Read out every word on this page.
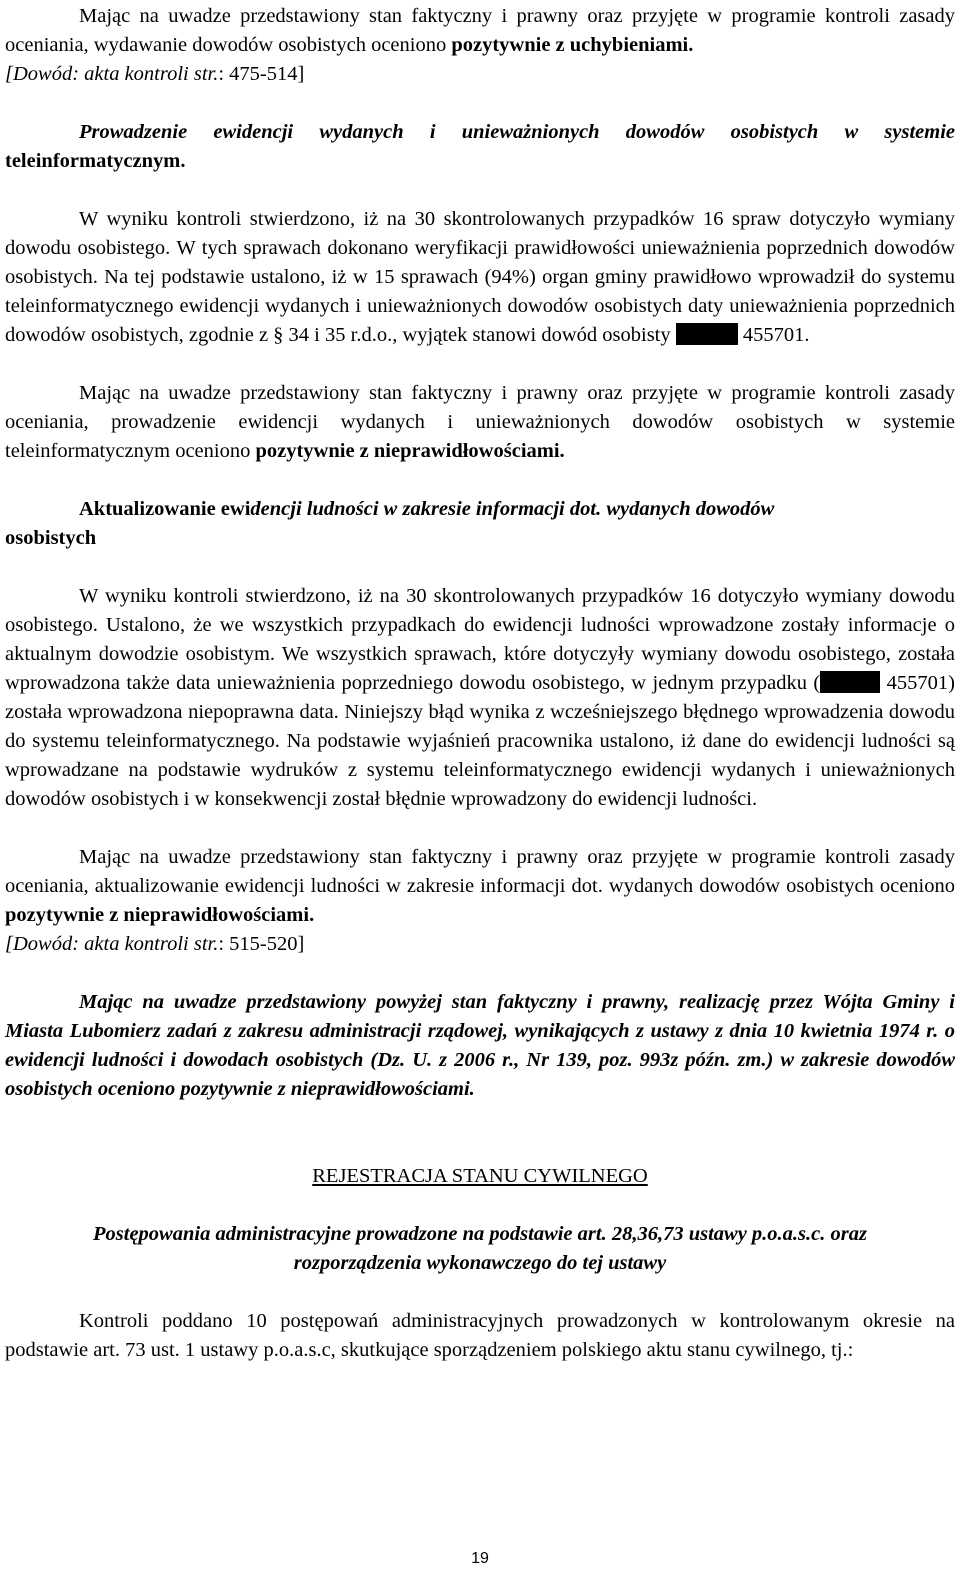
Mając na uwadze przedstawiony stan faktyczny i prawny oraz przyjęte w programie kontroli zasady oceniania, wydawanie dowodów osobistych oceniono pozytywnie z uchybieniami.
[Dowód: akta kontroli str.: 475-514]

Prowadzenie ewidencji wydanych i unieważnionych dowodów osobistych w systemie teleinformatycznym.

W wyniku kontroli stwierdzono, iż na 30 skontrolowanych przypadków 16 spraw dotyczyło wymiany dowodu osobistego. W tych sprawach dokonano weryfikacji prawidłowości unieważnienia poprzednich dowodów osobistych. Na tej podstawie ustalono, iż w 15 sprawach (94%) organ gminy prawidłowo wprowadził do systemu teleinformatycznego ewidencji wydanych i unieważnionych dowodów osobistych daty unieważnienia poprzednich dowodów osobistych, zgodnie z § 34 i 35 r.d.o., wyjątek stanowi dowód osobisty	455701.

Mając na uwadze przedstawiony stan faktyczny i prawny oraz przyjęte w programie kontroli zasady oceniania, prowadzenie ewidencji wydanych i unieważnionych dowodów osobistych w systemie teleinformatycznym oceniono pozytywnie z nieprawidłowościami.

Aktualizowanie ewidencji ludności w zakresie informacji dot. wydanych dowodów
osobistych

W wyniku kontroli stwierdzono, iż na 30 skontrolowanych przypadków 16 dotyczyło wymiany dowodu osobistego. Ustalono, że we wszystkich przypadkach do ewidencji ludności wprowadzone zostały informacje o aktualnym dowodzie osobistym. We wszystkich sprawach, które dotyczyły wymiany dowodu osobistego, została wprowadzona także data unieważnienia poprzedniego dowodu osobistego, w jednym przypadku (	455701) została wprowadzona niepoprawna data. Niniejszy błąd wynika z wcześniejszego błędnego wprowadzenia dowodu do systemu teleinformatycznego. Na podstawie wyjaśnień pracownika ustalono, iż dane do ewidencji ludności są wprowadzane na podstawie wydruków z systemu teleinformatycznego ewidencji wydanych i unieważnionych dowodów osobistych i w konsekwencji został błędnie wprowadzony do ewidencji ludności.

Mając na uwadze przedstawiony stan faktyczny i prawny oraz przyjęte w programie kontroli zasady oceniania, aktualizowanie ewidencji ludności w zakresie informacji dot. wydanych dowodów osobistych oceniono pozytywnie z nieprawidłowościami.
[Dowód: akta kontroli str.: 515-520]

Mając na uwadze przedstawiony powyżej stan faktyczny i prawny, realizację przez Wójta Gminy i Miasta Lubomierz zadań z zakresu administracji rządowej, wynikających z ustawy z dnia 10 kwietnia 1974 r. o ewidencji ludności i dowodach osobistych (Dz. U. z 2006 r., Nr 139, poz. 993z późn. zm.) w zakresie dowodów osobistych oceniono pozytywnie z nieprawidłowościami.

REJESTRACJA STANU CYWILNEGO

Postępowania administracyjne prowadzone na podstawie art. 28,36,73 ustawy p.o.a.s.c. oraz
rozporządzenia wykonawczego do tej ustawy

Kontroli poddano 10 postępowań administracyjnych prowadzonych w kontrolowanym okresie na podstawie art. 73 ust. 1 ustawy p.o.a.s.c, skutkujące sporządzeniem polskiego aktu stanu cywilnego, tj.:

19
